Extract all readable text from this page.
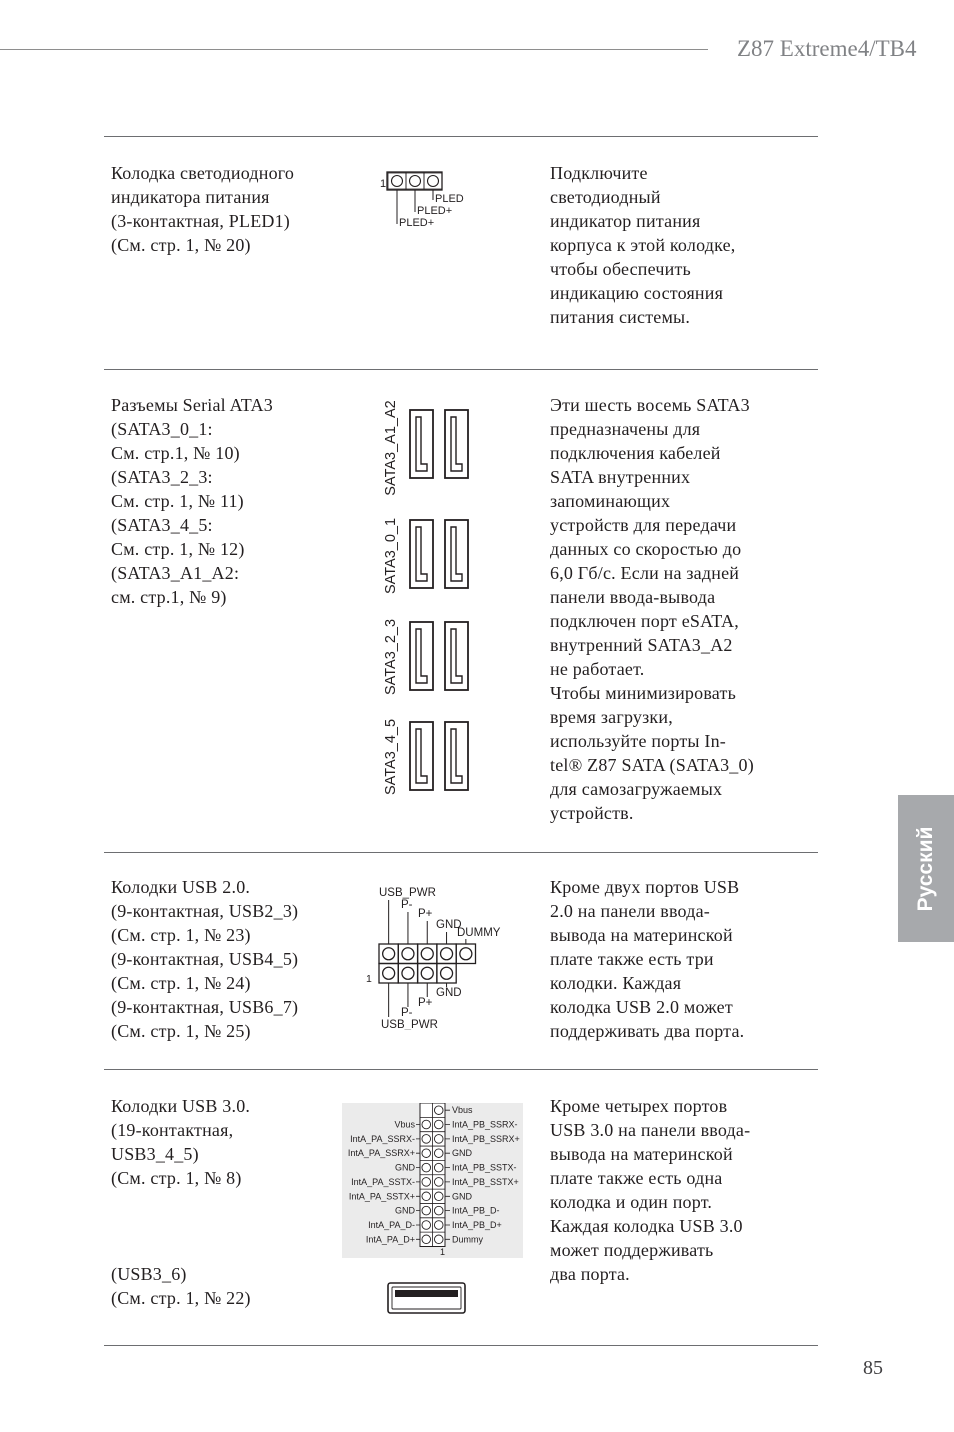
Z87 Extreme4/TB4
Колодка светодиодного
индикатора питания
(3-контактная, PLED1)
(См. стр. 1, № 20)
1
PLED
PLED+
PLED+
Подключите
светодиодный
индикатор питания
корпуса к этой колодке,
чтобы обеспечить
индикацию состояния
питания системы.
Разъемы Serial ATA3
(SATA3_0_1:
См. стр.1, № 10)
(SATA3_2_3:
См. стр. 1, № 11)
(SATA3_4_5:
См. стр. 1, № 12)
(SATA3_A1_A2:
см. стр.1, № 9)
SATA3_A1_A2
SATA3_0_1
SATA3_2_3
SATA3_4_5
Эти шесть восемь SATA3
предназначены для
подключения кабелей
SATA внутренних
запоминающих
устройств для передачи
данных со скоростью до
6,0 Гб/с. Если на задней
панели ввода-вывода
подключен порт eSATA,
внутренний SATA3_A2
не работает.
Чтобы минимизировать
время загрузки,
используйте порты In-
tel® Z87 SATA (SATA3_0)
для самозагружаемых
устройств.
Русский
Колодки USB 2.0.
(9-контактная, USB2_3)
(См. стр. 1, № 23)
(9-контактная, USB4_5)
(См. стр. 1, № 24)
(9-контактная, USB6_7)
(См. стр. 1, № 25)
USB_PWR
P-
P+
GND
DUMMY
1
GND
P+
P-
USB_PWR
Кроме двух портов USB
2.0 на панели ввода-
вывода на материнской
плате также есть три
колодки. Каждая
колодка USB 2.0 может
поддерживать два порта.
Колодки USB 3.0.
(19-контактная,
USB3_4_5)
(См. стр. 1, № 8)
(USB3_6)
(См. стр. 1, № 22)
Vbus
IntA_PA_SSRX-
IntA_PA_SSRX+
GND
IntA_PA_SSTX-
IntA_PA_SSTX+
GND
IntA_PA_D-
IntA_PA_D+
Vbus
IntA_PB_SSRX-
IntA_PB_SSRX+
GND
IntA_PB_SSTX-
IntA_PB_SSTX+
GND
IntA_PB_D-
IntA_PB_D+
Dummy
1
Кроме четырех портов
USB 3.0 на панели ввода-
вывода на материнской
плате также есть одна
колодка и один порт.
Каждая колодка USB 3.0
может поддерживать
два порта.
85
